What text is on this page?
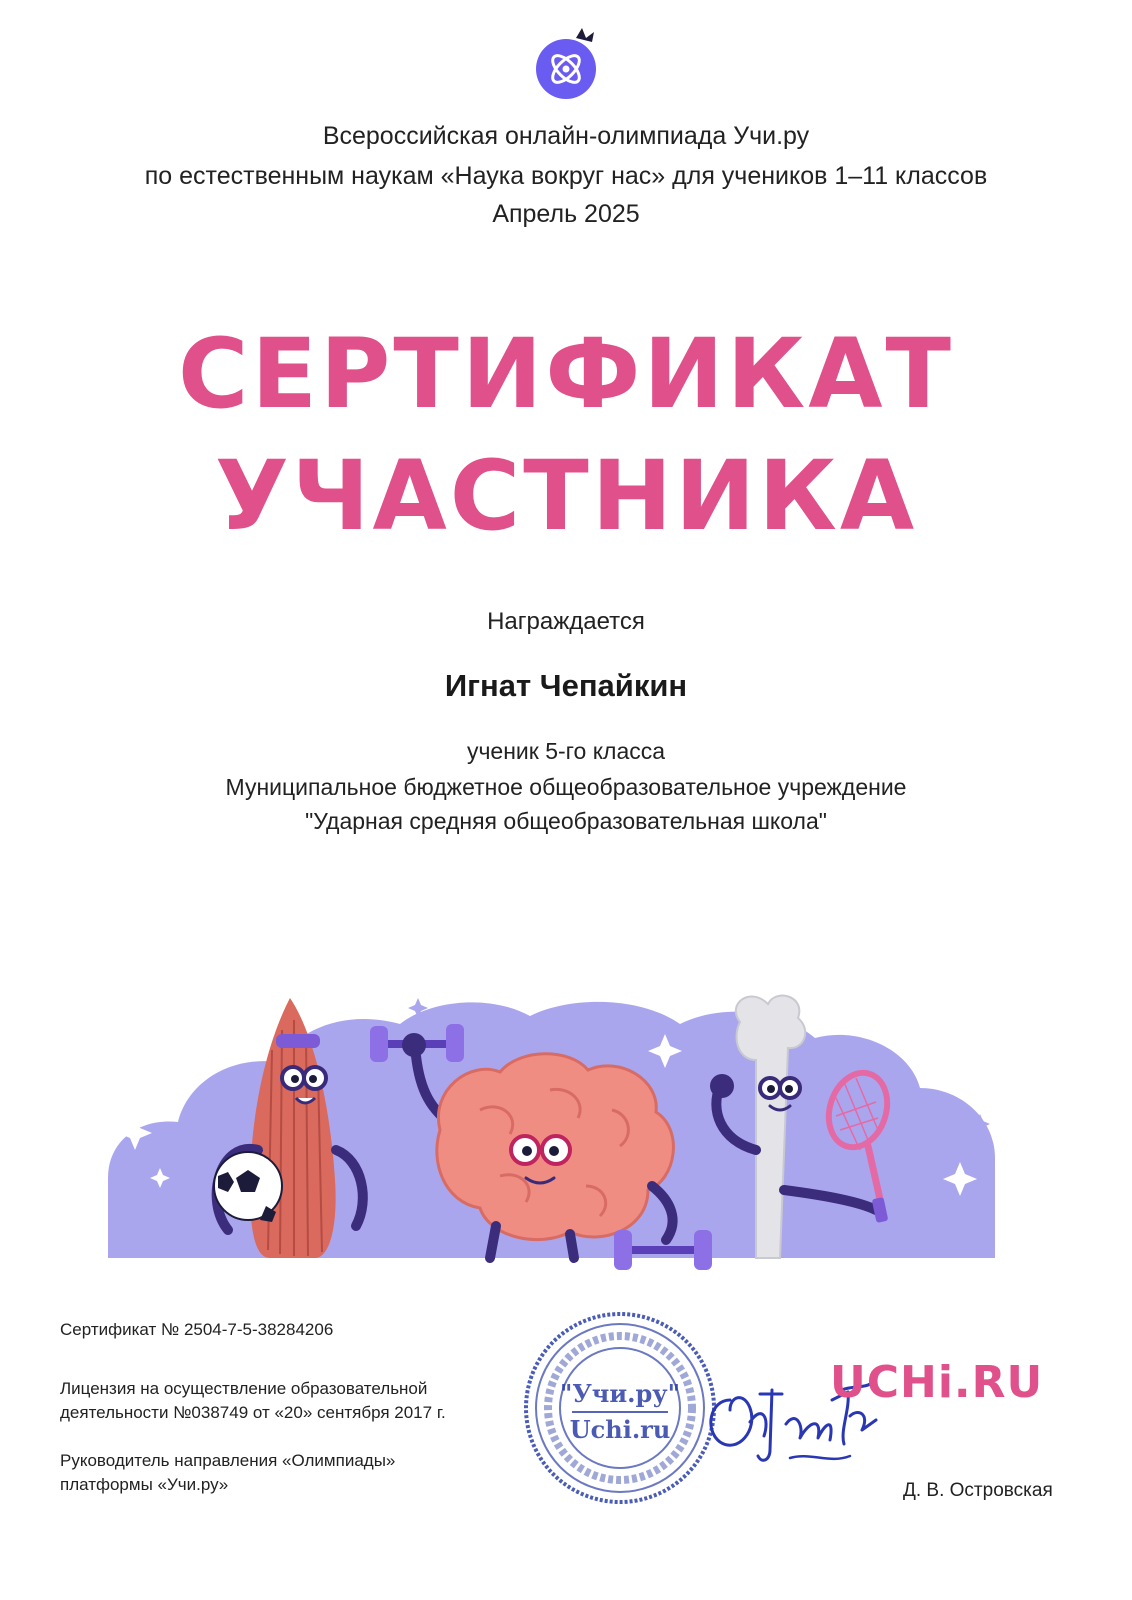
Всероссийская онлайн-олимпиада Учи.ру
по естественным наукам «Наука вокруг нас» для учеников 1–11 классов
Апрель 2025
СЕРТИФИКАТ
УЧАСТНИКА
Награждается
Игнат Чепайкин
ученик 5-го класса
Муниципальное бюджетное общеобразовательное учреждение
"Ударная средняя общеобразовательная школа"
Сертификат № 2504-7-5-38284206
Лицензия на осуществление образовательной
деятельности №038749 от «20» сентября 2017 г.
Руководитель направления «Олимпиады»
платформы «Учи.ру»
"Учи.ру"
Uchi.ru
UCHi.RU
Д. В. Островская
